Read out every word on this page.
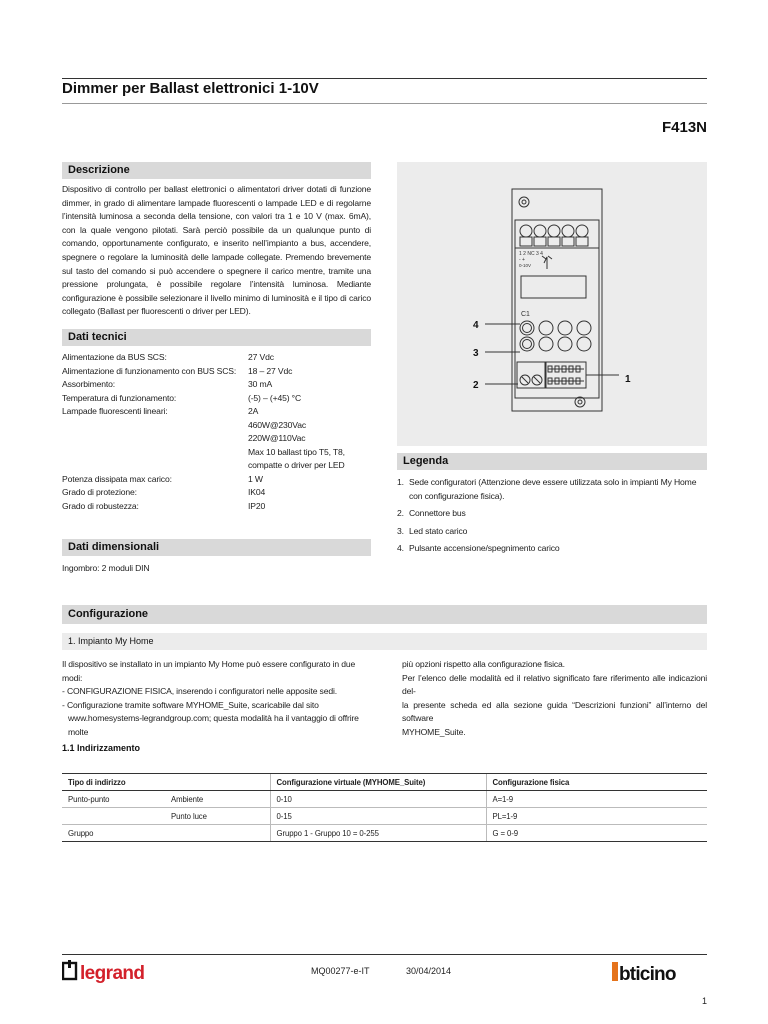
Dimmer per Ballast elettronici 1-10V
F413N
Descrizione
Dispositivo di controllo per ballast elettronici o alimentatori driver dotati di funzione dimmer, in grado di alimentare lampade fluorescenti o lampade LED e di regolarne l’intensità luminosa a seconda della tensione, con valori tra 1 e 10 V (max. 6mA), con la quale vengono pilotati. Sarà perciò possibile da un qualunque punto di comando, opportunamente configurato, e inserito nell’impianto a bus, accendere, spegnere o regolare la luminosità delle lampade collegate. Premendo brevemente sul tasto del comando si può accendere o spegnere il carico mentre, tramite una pressione prolungata, è possibile regolare l’intensità luminosa. Mediante configurazione è possibile selezionare il livello minimo di luminosità e il tipo di carico collegato (Ballast per fluorescenti o driver per LED).
Dati tecnici
Alimentazione da BUS SCS:	27 Vdc
Alimentazione di funzionamento con BUS SCS: 18 – 27 Vdc
Assorbimento:	30 mA
Temperatura di funzionamento:	(-5) – (+45) °C
Lampade fluorescenti lineari:	2A
460W@230Vac
220W@110Vac
Max 10 ballast tipo T5, T8,
compatte o driver per LED
Potenza dissipata max carico:	1 W
Grado di protezione:	IK04
Grado di robustezza:	IP20
Dati dimensionali
Ingombro: 2 moduli DIN
1 2 NC 3 4
- +
0-10V
C1
4
3
2
1
Legenda
1. Sede configuratori (Attenzione deve essere utilizzata solo in impianti My Home con configurazione fisica).
2. Connettore bus
3. Led stato carico
4. Pulsante accensione/spegnimento carico
Configurazione
1. Impianto My Home
Il dispositivo se installato in un impianto My Home può essere configurato in due modi:
- CONFIGURAZIONE FISICA, inserendo i configuratori nelle apposite sedi.
- Configurazione tramite software MYHOME_Suite, scaricabile dal sito
www.homesystems-legrandgroup.com; questa modalità ha il vantaggio di offrire molte
più opzioni rispetto alla configurazione fisica.
Per l’elenco delle modalità ed il relativo significato fare riferimento alle indicazioni del-
la presente scheda ed alla sezione guida “Descrizioni funzioni” all’interno del software
MYHOME_Suite.
1.1 Indirizzamento
Tipo di indirizzo		Configurazione virtuale (MYHOME_Suite)	Configurazione fisica
Punto-punto	Ambiente	0-10	A=1-9
	Punto luce	0-15	PL=1-9
Gruppo		Gruppo 1 - Gruppo 10 = 0-255	G = 0-9
legrand	MQ00277-e-IT	30/04/2014	bticino
1
